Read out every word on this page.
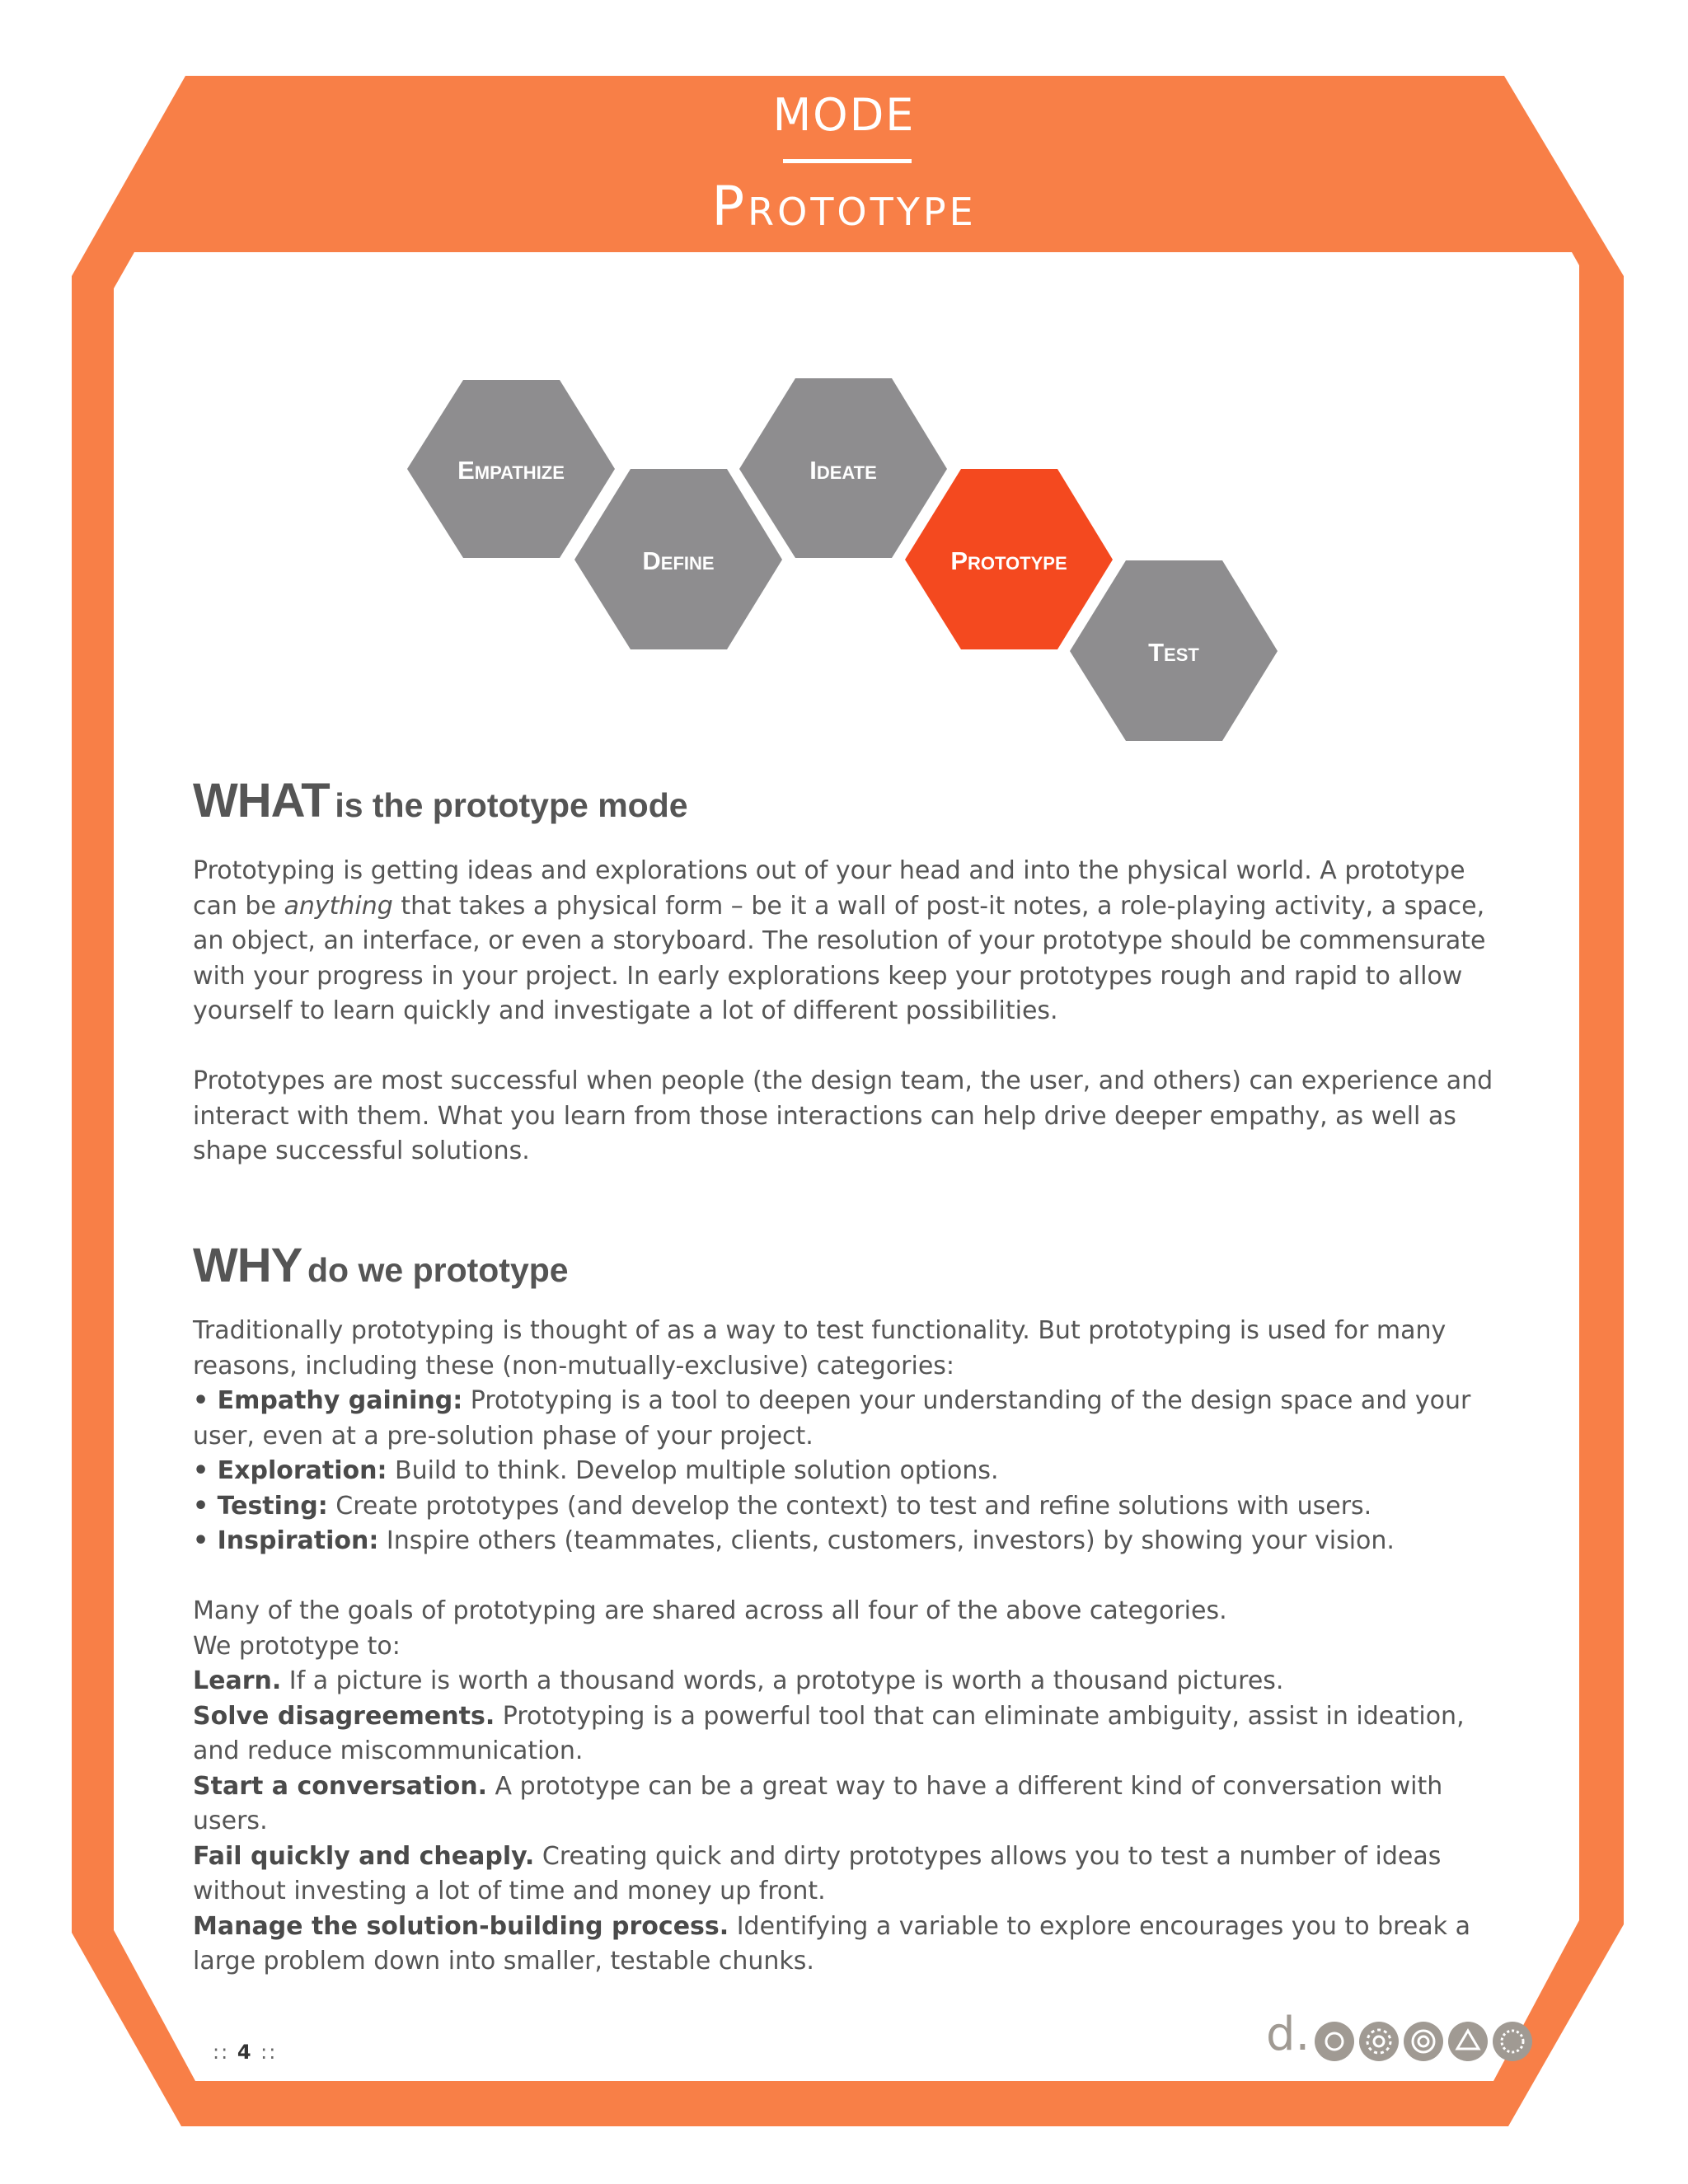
MODE
Prototype
Empathize
Define
Ideate
Prototype
Test
WHAT is the prototype mode

Prototyping is getting ideas and explorations out of your head and into the physical world. A prototype can be anything that takes a physical form – be it a wall of post-it notes, a role-playing activity, a space, an object, an interface, or even a storyboard. The resolution of your prototype should be commensurate with your progress in your project. In early explorations keep your prototypes rough and rapid to allow yourself to learn quickly and investigate a lot of different possibilities.

Prototypes are most successful when people (the design team, the user, and others) can experience and interact with them. What you learn from those interactions can help drive deeper empathy, as well as shape successful solutions.

WHY do we prototype

Traditionally prototyping is thought of as a way to test functionality. But prototyping is used for many reasons, including these (non-mutually-exclusive) categories:

• Empathy gaining: Prototyping is a tool to deepen your understanding of the design space and your user, even at a pre-solution phase of your project.

• Exploration: Build to think. Develop multiple solution options.

• Testing: Create prototypes (and develop the context) to test and refine solutions with users.

• Inspiration: Inspire others (teammates, clients, customers, investors) by showing your vision.

Many of the goals of prototyping are shared across all four of the above categories.

We prototype to:

Learn. If a picture is worth a thousand words, a prototype is worth a thousand pictures.

Solve disagreements. Prototyping is a powerful tool that can eliminate ambiguity, assist in ideation, and reduce miscommunication.

Start a conversation. A prototype can be a great way to have a different kind of conversation with users.

Fail quickly and cheaply. Creating quick and dirty prototypes allows you to test a number of ideas without investing a lot of time and money up front.

Manage the solution-building process. Identifying a variable to explore encourages you to break a large problem down into smaller, testable chunks.

:: 4 ::	d.
